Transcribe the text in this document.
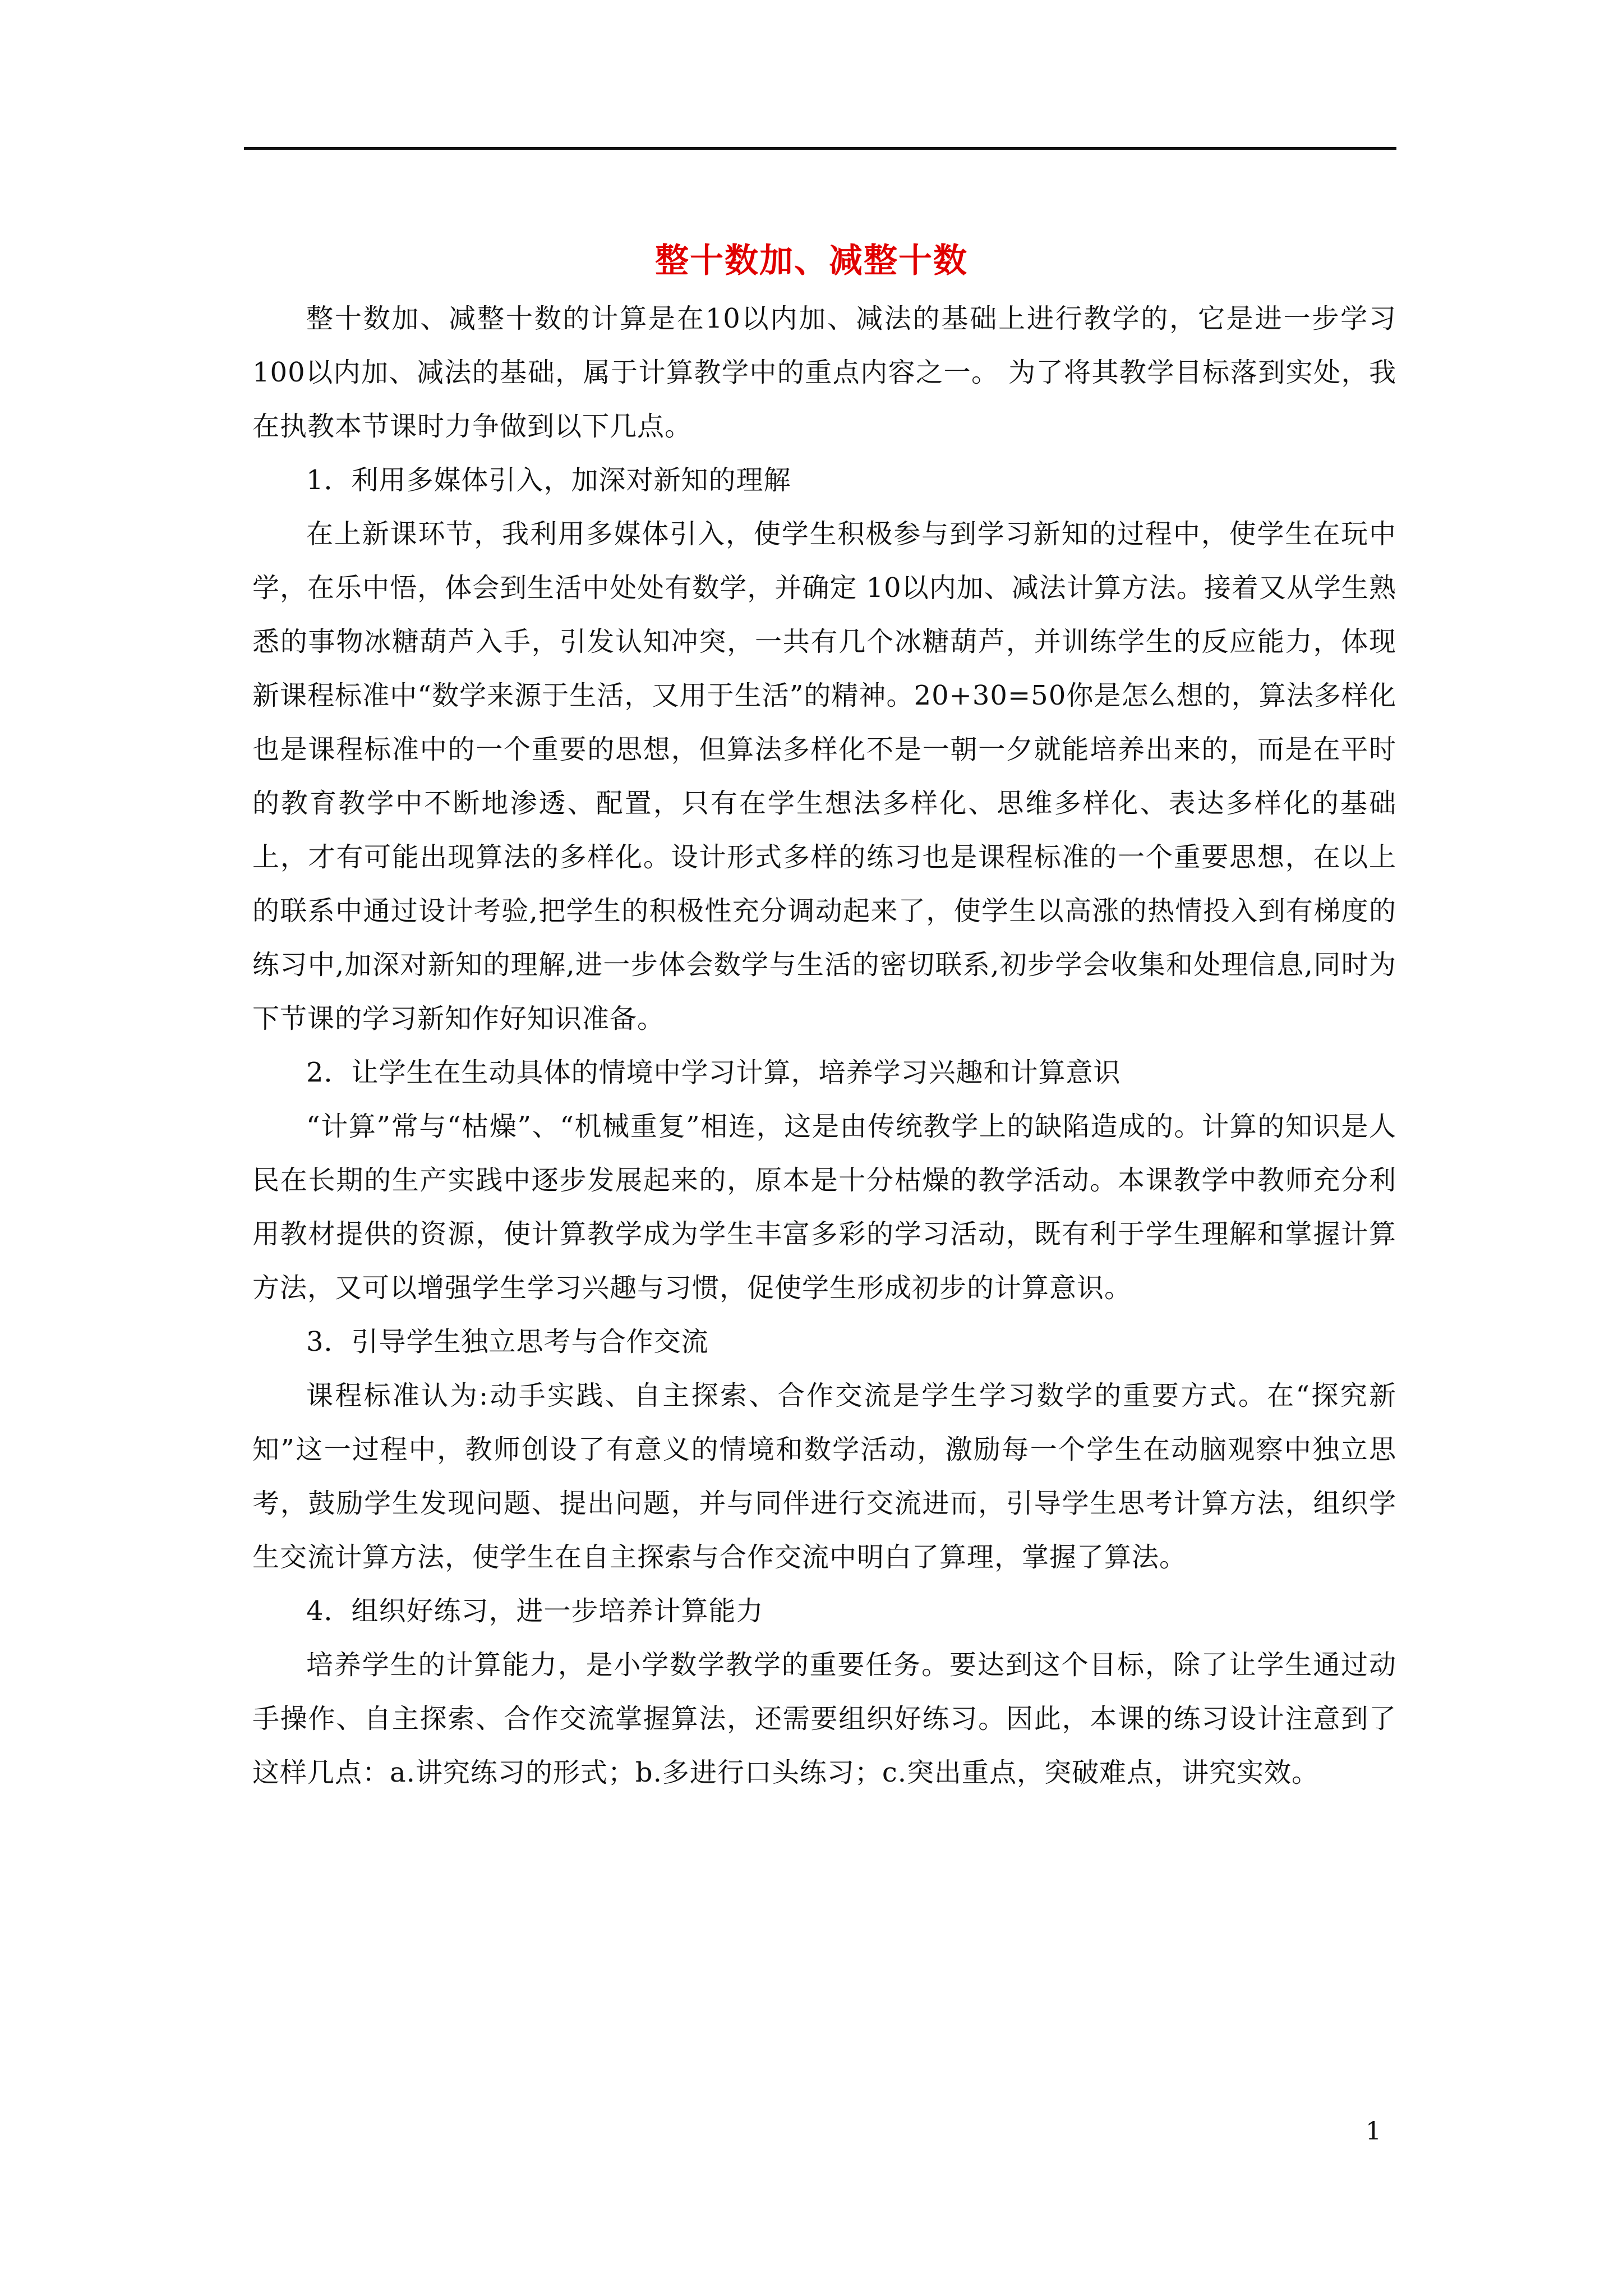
整十数加、减整十数

整十数加、减整十数的计算是在10以内加、减法的基础上进行教学的，它是进一步学习100以内加、减法的基础，属于计算教学中的重点内容之一。 为了将其教学目标落到实处，我在执教本节课时力争做到以下几点。

1．利用多媒体引入，加深对新知的理解

在上新课环节，我利用多媒体引入，使学生积极参与到学习新知的过程中，使学生在玩中学，在乐中悟，体会到生活中处处有数学，并确定 10以内加、减法计算方法。接着又从学生熟悉的事物冰糖葫芦入手，引发认知冲突，一共有几个冰糖葫芦，并训练学生的反应能力，体现新课程标准中“数学来源于生活，又用于生活”的精神。20+30=50你是怎么想的，算法多样化也是课程标准中的一个重要的思想，但算法多样化不是一朝一夕就能培养出来的，而是在平时的教育教学中不断地渗透、配置，只有在学生想法多样化、思维多样化、表达多样化的基础上，才有可能出现算法的多样化。设计形式多样的练习也是课程标准的一个重要思想，在以上的联系中通过设计考验,把学生的积极性充分调动起来了，使学生以高涨的热情投入到有梯度的练习中,加深对新知的理解,进一步体会数学与生活的密切联系,初步学会收集和处理信息,同时为下节课的学习新知作好知识准备。

2．让学生在生动具体的情境中学习计算，培养学习兴趣和计算意识

“计算”常与“枯燥”、“机械重复”相连，这是由传统教学上的缺陷造成的。计算的知识是人民在长期的生产实践中逐步发展起来的，原本是十分枯燥的教学活动。本课教学中教师充分利用教材提供的资源，使计算教学成为学生丰富多彩的学习活动，既有利于学生理解和掌握计算方法，又可以增强学生学习兴趣与习惯，促使学生形成初步的计算意识。

3．引导学生独立思考与合作交流

课程标准认为:动手实践、自主探索、合作交流是学生学习数学的重要方式。在“探究新知”这一过程中，教师创设了有意义的情境和数学活动，激励每一个学生在动脑观察中独立思考，鼓励学生发现问题、提出问题，并与同伴进行交流进而，引导学生思考计算方法，组织学生交流计算方法，使学生在自主探索与合作交流中明白了算理，掌握了算法。

4．组织好练习，进一步培养计算能力

培养学生的计算能力，是小学数学教学的重要任务。要达到这个目标，除了让学生通过动手操作、自主探索、合作交流掌握算法，还需要组织好练习。因此，本课的练习设计注意到了这样几点：a.讲究练习的形式；b.多进行口头练习；c.突出重点，突破难点，讲究实效。

1
